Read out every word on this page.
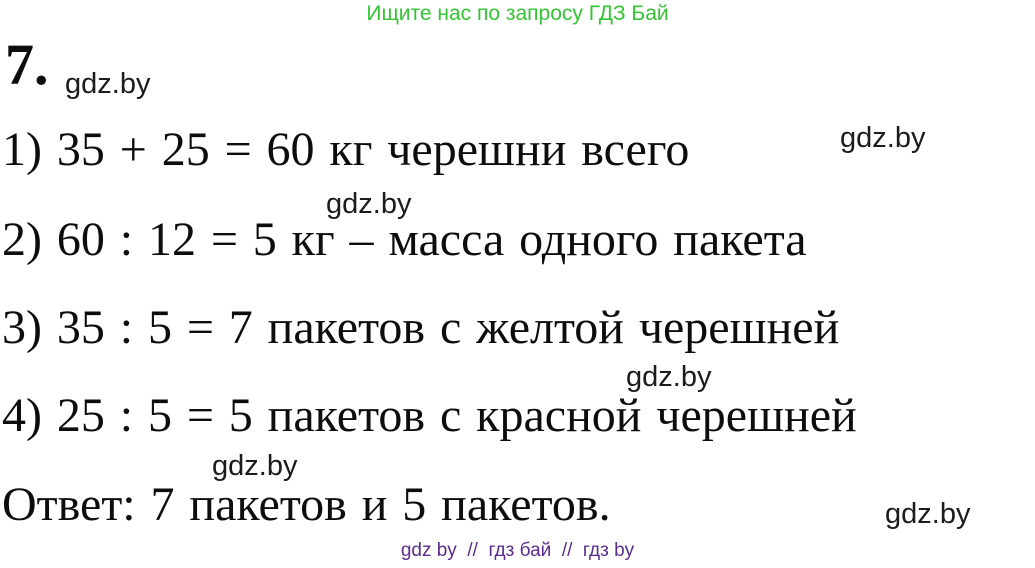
Ищите нас по запросу ГДЗ Бай
7. gdz.by
gdz.by
gdz.by
gdz.by
gdz.by
gdz.by
1) 35 + 25 = 60 кг черешни всего
2) 60 : 12 = 5 кг – масса одного пакета
3) 35 : 5 = 7 пакетов с желтой черешней
4) 25 : 5 = 5 пакетов с красной черешней
Ответ: 7 пакетов и 5 пакетов.
gdz by  //  гдз бай  //  гдз by
